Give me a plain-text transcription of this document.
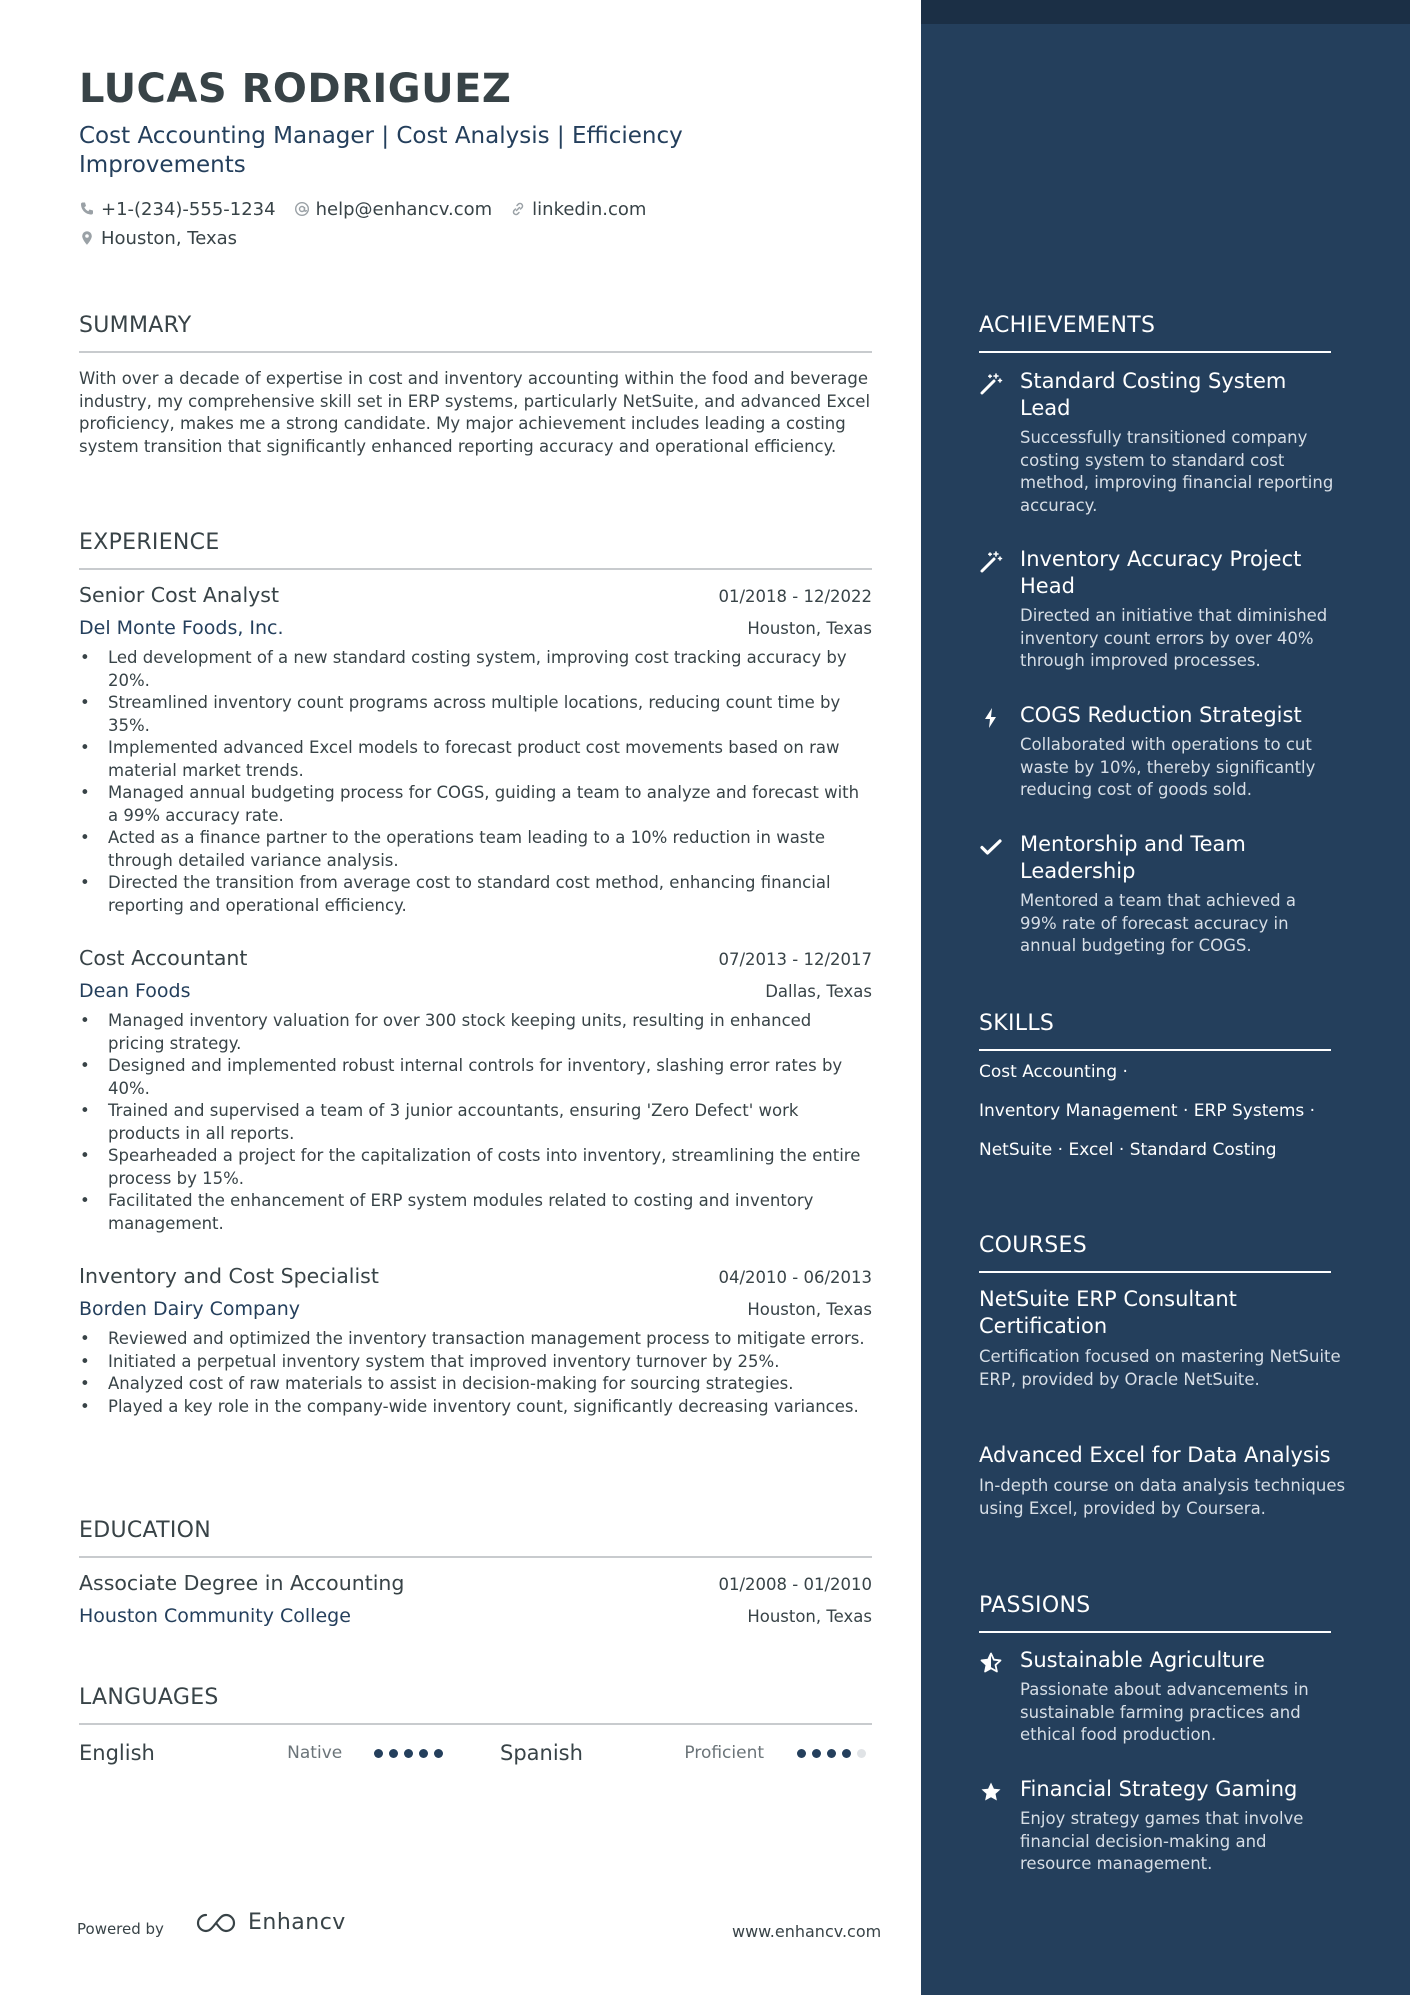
LUCAS RODRIGUEZ
Cost Accounting Manager | Cost Analysis | Efficiency Improvements
+1-(234)-555-1234 help@enhancv.com linkedin.com
Houston, Texas
SUMMARY
With over a decade of expertise in cost and inventory accounting within the food and beverage industry, my comprehensive skill set in ERP systems, particularly NetSuite, and advanced Excel proficiency, makes me a strong candidate. My major achievement includes leading a costing system transition that significantly enhanced reporting accuracy and operational efficiency.
EXPERIENCE
Senior Cost Analyst	01/2018 - 12/2022
Del Monte Foods, Inc.	Houston, Texas
• Led development of a new standard costing system, improving cost tracking accuracy by 20%.
• Streamlined inventory count programs across multiple locations, reducing count time by 35%.
• Implemented advanced Excel models to forecast product cost movements based on raw material market trends.
• Managed annual budgeting process for COGS, guiding a team to analyze and forecast with a 99% accuracy rate.
• Acted as a finance partner to the operations team leading to a 10% reduction in waste through detailed variance analysis.
• Directed the transition from average cost to standard cost method, enhancing financial reporting and operational efficiency.
Cost Accountant	07/2013 - 12/2017
Dean Foods	Dallas, Texas
• Managed inventory valuation for over 300 stock keeping units, resulting in enhanced pricing strategy.
• Designed and implemented robust internal controls for inventory, slashing error rates by 40%.
• Trained and supervised a team of 3 junior accountants, ensuring 'Zero Defect' work products in all reports.
• Spearheaded a project for the capitalization of costs into inventory, streamlining the entire process by 15%.
• Facilitated the enhancement of ERP system modules related to costing and inventory management.
Inventory and Cost Specialist	04/2010 - 06/2013
Borden Dairy Company	Houston, Texas
• Reviewed and optimized the inventory transaction management process to mitigate errors.
• Initiated a perpetual inventory system that improved inventory turnover by 25%.
• Analyzed cost of raw materials to assist in decision-making for sourcing strategies.
• Played a key role in the company-wide inventory count, significantly decreasing variances.
EDUCATION
Associate Degree in Accounting	01/2008 - 01/2010
Houston Community College	Houston, Texas
LANGUAGES
English	Native	Spanish	Proficient
Powered by	Enhancv	www.enhancv.com
ACHIEVEMENTS
Standard Costing System Lead
Successfully transitioned company costing system to standard cost method, improving financial reporting accuracy.
Inventory Accuracy Project Head
Directed an initiative that diminished inventory count errors by over 40% through improved processes.
COGS Reduction Strategist
Collaborated with operations to cut waste by 10%, thereby significantly reducing cost of goods sold.
Mentorship and Team Leadership
Mentored a team that achieved a 99% rate of forecast accuracy in annual budgeting for COGS.
SKILLS
Cost Accounting ·
Inventory Management · ERP Systems ·
NetSuite · Excel · Standard Costing
COURSES
NetSuite ERP Consultant Certification
Certification focused on mastering NetSuite ERP, provided by Oracle NetSuite.
Advanced Excel for Data Analysis
In-depth course on data analysis techniques using Excel, provided by Coursera.
PASSIONS
Sustainable Agriculture
Passionate about advancements in sustainable farming practices and ethical food production.
Financial Strategy Gaming
Enjoy strategy games that involve financial decision-making and resource management.
